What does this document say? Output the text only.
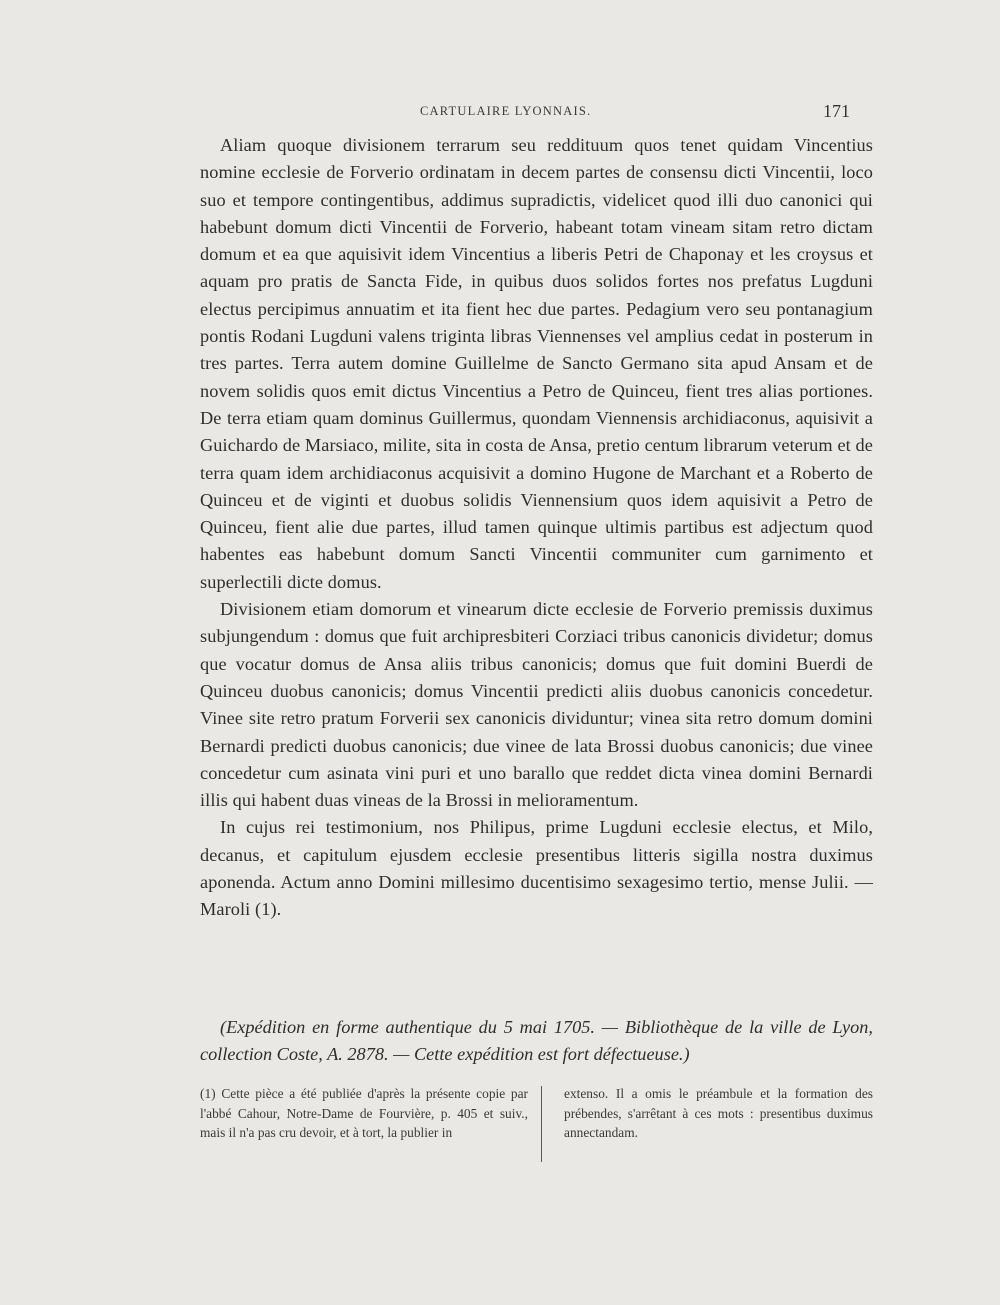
CARTULAIRE LYONNAIS.	171

Aliam quoque divisionem terrarum seu reddituum quos tenet quidam Vincentius nomine ecclesie de Forverio ordinatam in decem partes de consensu dicti Vincentii, loco suo et tempore contingentibus, addimus supradictis, videlicet quod illi duo canonici qui habebunt domum dicti Vincentii de Forverio, habeant totam vineam sitam retro dictam domum et ea que aquisivit idem Vincentius a liberis Petri de Chaponay et les croysus et aquam pro pratis de Sancta Fide, in quibus duos solidos fortes nos prefatus Lugduni electus percipimus annuatim et ita fient hec due partes. Pedagium vero seu pontanagium pontis Rodani Lugduni valens triginta libras Viennenses vel amplius cedat in posterum in tres partes. Terra autem domine Guillelme de Sancto Germano sita apud Ansam et de novem solidis quos emit dictus Vincentius a Petro de Quinceu, fient tres alias portiones. De terra etiam quam dominus Guillermus, quondam Viennensis archidiaconus, aquisivit a Guichardo de Marsiaco, milite, sita in costa de Ansa, pretio centum librarum veterum et de terra quam idem archidiaconus acquisivit a domino Hugone de Marchant et a Roberto de Quinceu et de viginti et duobus solidis Viennensium quos idem aquisivit a Petro de Quinceu, fient alie due partes, illud tamen quinque ultimis partibus est adjectum quod habentes eas habebunt domum Sancti Vincentii communiter cum garnimento et superlectili dicte domus.

Divisionem etiam domorum et vinearum dicte ecclesie de Forverio premissis duximus subjungendum : domus que fuit archipresbiteri Corziaci tribus canonicis dividetur; domus que vocatur domus de Ansa aliis tribus canonicis; domus que fuit domini Buerdi de Quinceu duobus canonicis; domus Vincentii predicti aliis duobus canonicis concedetur. Vinee site retro pratum Forverii sex canonicis dividuntur; vinea sita retro domum domini Bernardi predicti duobus canonicis; due vinee de lata Brossi duobus canonicis; due vinee concedetur cum asinata vini puri et uno barallo que reddet dicta vinea domini Bernardi illis qui habent duas vineas de la Brossi in melioramentum.

In cujus rei testimonium, nos Philipus, prime Lugduni ecclesie electus, et Milo, decanus, et capitulum ejusdem ecclesie presentibus litteris sigilla nostra duximus aponenda. Actum anno Domini millesimo ducentisimo sexagesimo tertio, mense Julii. — Maroli (1).

(Expédition en forme authentique du 5 mai 1705. — Bibliothèque de la ville de Lyon, collection Coste, A. 2878. — Cette expédition est fort défectueuse.)
(1) Cette pièce a été publiée d'après la présente copie par l'abbé Cahour, Notre-Dame de Fourvière, p. 405 et suiv., mais il n'a pas cru devoir, et à tort, la publier in
extenso. Il a omis le préambule et la formation des prébendes, s'arrêtant à ces mots : presentibus duximus annectandam.
